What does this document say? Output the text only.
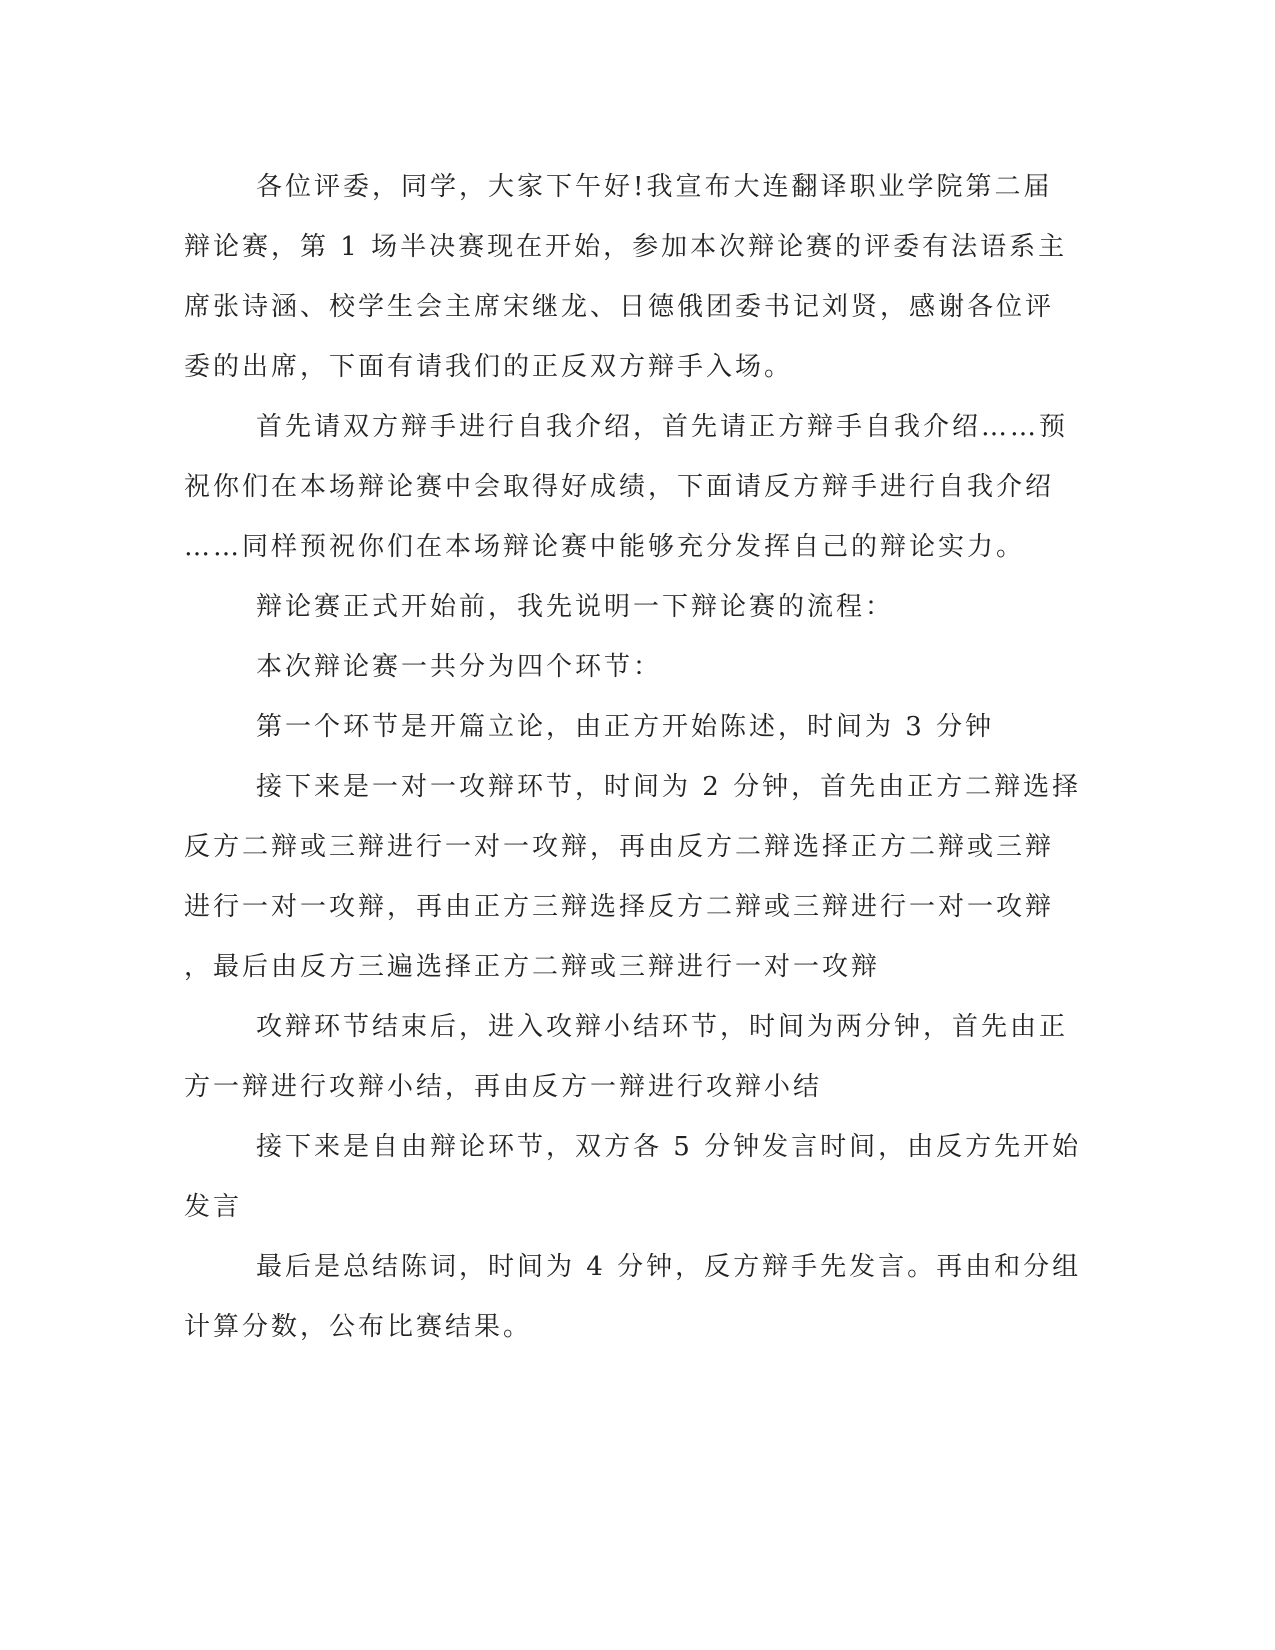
各位评委，同学，大家下午好!我宣布大连翻译职业学院第二届
辩论赛，第 1 场半决赛现在开始，参加本次辩论赛的评委有法语系主
席张诗涵、校学生会主席宋继龙、日德俄团委书记刘贤，感谢各位评
委的出席，下面有请我们的正反双方辩手入场。
首先请双方辩手进行自我介绍，首先请正方辩手自我介绍……预
祝你们在本场辩论赛中会取得好成绩，下面请反方辩手进行自我介绍
……同样预祝你们在本场辩论赛中能够充分发挥自己的辩论实力。
辩论赛正式开始前，我先说明一下辩论赛的流程：
本次辩论赛一共分为四个环节：
第一个环节是开篇立论，由正方开始陈述，时间为 3 分钟
接下来是一对一攻辩环节，时间为 2 分钟，首先由正方二辩选择
反方二辩或三辩进行一对一攻辩，再由反方二辩选择正方二辩或三辩
进行一对一攻辩，再由正方三辩选择反方二辩或三辩进行一对一攻辩
，最后由反方三遍选择正方二辩或三辩进行一对一攻辩
攻辩环节结束后，进入攻辩小结环节，时间为两分钟，首先由正
方一辩进行攻辩小结，再由反方一辩进行攻辩小结
接下来是自由辩论环节，双方各 5 分钟发言时间，由反方先开始
发言
最后是总结陈词，时间为 4 分钟，反方辩手先发言。再由和分组
计算分数，公布比赛结果。
